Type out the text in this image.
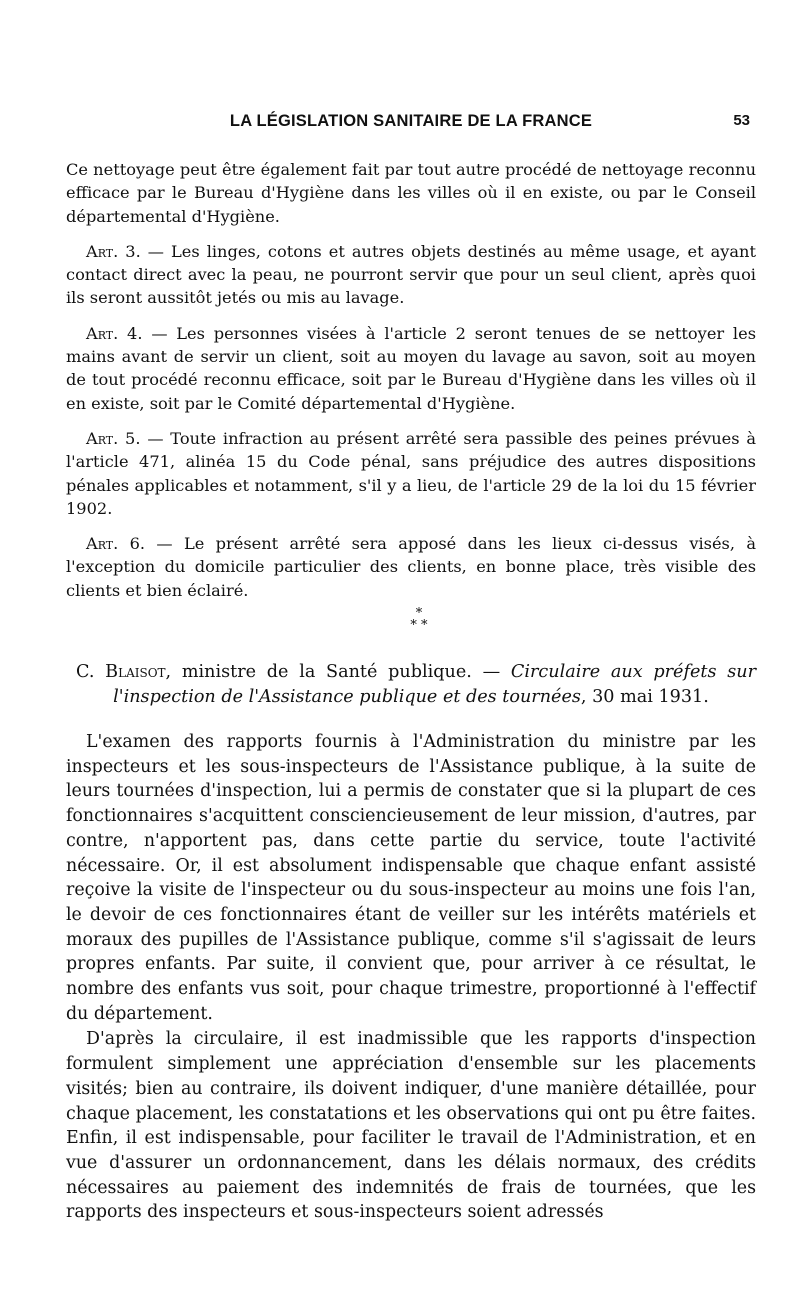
LA LÉGISLATION SANITAIRE DE LA FRANCE	53

Ce nettoyage peut être également fait par tout autre procédé de nettoyage reconnu efficace par le Bureau d'Hygiène dans les villes où il en existe, ou par le Conseil départemental d'Hygiène.

Art. 3. — Les linges, cotons et autres objets destinés au même usage, et ayant contact direct avec la peau, ne pourront servir que pour un seul client, après quoi ils seront aussitôt jetés ou mis au lavage.

Art. 4. — Les personnes visées à l'article 2 seront tenues de se nettoyer les mains avant de servir un client, soit au moyen du lavage au savon, soit au moyen de tout procédé reconnu efficace, soit par le Bureau d'Hygiène dans les villes où il en existe, soit par le Comité départemental d'Hygiène.

Art. 5. — Toute infraction au présent arrêté sera passible des peines prévues à l'article 471, alinéa 15 du Code pénal, sans préjudice des autres dispositions pénales applicables et notamment, s'il y a lieu, de l'article 29 de la loi du 15 février 1902.

Art. 6. — Le présent arrêté sera apposé dans les lieux ci-dessus visés, à l'exception du domicile particulier des clients, en bonne place, très visible des clients et bien éclairé.

*
* *
C. Blaisot, ministre de la Santé publique. — Circulaire aux préfets sur l'inspection de l'Assistance publique et des tournées, 30 mai 1931.

L'examen des rapports fournis à l'Administration du ministre par les inspecteurs et les sous-inspecteurs de l'Assistance publique, à la suite de leurs tournées d'inspection, lui a permis de constater que si la plupart de ces fonctionnaires s'acquittent consciencieusement de leur mission, d'autres, par contre, n'apportent pas, dans cette partie du service, toute l'activité nécessaire. Or, il est absolument indispensable que chaque enfant assisté reçoive la visite de l'inspecteur ou du sous-inspecteur au moins une fois l'an, le devoir de ces fonctionnaires étant de veiller sur les intérêts matériels et moraux des pupilles de l'Assistance publique, comme s'il s'agissait de leurs propres enfants. Par suite, il convient que, pour arriver à ce résultat, le nombre des enfants vus soit, pour chaque trimestre, proportionné à l'effectif du département.

D'après la circulaire, il est inadmissible que les rapports d'inspection formulent simplement une appréciation d'ensemble sur les placements visités; bien au contraire, ils doivent indiquer, d'une manière détaillée, pour chaque placement, les constatations et les observations qui ont pu être faites. Enfin, il est indispensable, pour faciliter le travail de l'Administration, et en vue d'assurer un ordonnancement, dans les délais normaux, des crédits nécessaires au paiement des indemnités de frais de tournées, que les rapports des inspecteurs et sous-inspecteurs soient adressés
